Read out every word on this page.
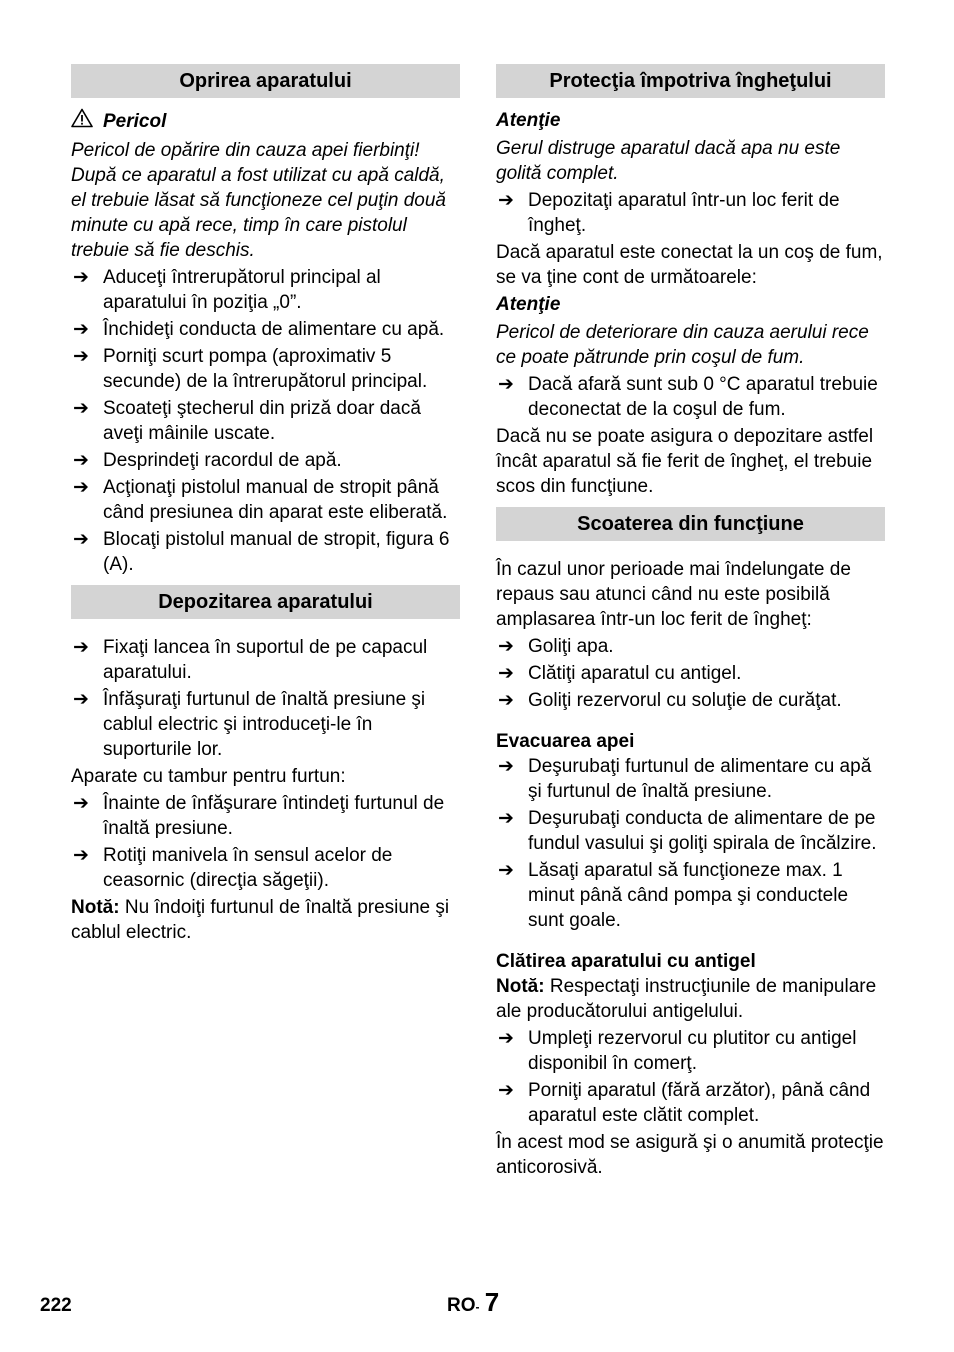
Oprirea aparatului
Pericol

Pericol de opărire din cauza apei fierbinţi! După ce aparatul a fost utilizat cu apă caldă, el trebuie lăsat să funcţioneze cel puţin două minute cu apă rece, timp în care pistolul trebuie să fie deschis.

➔ Aduceţi întrerupătorul principal al aparatului în poziţia „0”.
➔ Închideţi conducta de alimentare cu apă.
➔ Porniţi scurt pompa (aproximativ 5 secunde) de la întrerupătorul principal.
➔ Scoateţi ştecherul din priză doar dacă aveţi mâinile uscate.
➔ Desprindeţi racordul de apă.
➔ Acţionaţi pistolul manual de stropit până când presiunea din aparat este eliberată.
➔ Blocaţi pistolul manual de stropit, figura 6 (A).
Depozitarea aparatului
➔ Fixaţi lancea în suportul de pe capacul aparatului.
➔ Înfăşuraţi furtunul de înaltă presiune şi cablul electric şi introduceţi-le în suporturile lor.

Aparate cu tambur pentru furtun:

➔ Înainte de înfăşurare întindeţi furtunul de înaltă presiune.
➔ Rotiţi manivela în sensul acelor de ceasornic (direcţia săgeţii).

Notă: Nu îndoiţi furtunul de înaltă presiune şi cablul electric.

Protecţia împotriva îngheţului
Atenţie

Gerul distruge aparatul dacă apa nu este golită complet.

➔ Depozitaţi aparatul într-un loc ferit de îngheţ.

Dacă aparatul este conectat la un coş de fum, se va ţine cont de următoarele:

Atenţie

Pericol de deteriorare din cauza aerului rece ce poate pătrunde prin coşul de fum.

➔ Dacă afară sunt sub 0 °C aparatul trebuie deconectat de la coşul de fum.

Dacă nu se poate asigura o depozitare astfel încât aparatul să fie ferit de îngheţ, el trebuie scos din funcţiune.

Scoaterea din funcţiune

În cazul unor perioade mai îndelungate de repaus sau atunci când nu este posibilă amplasarea într-un loc ferit de îngheţ:

➔ Goliţi apa.
➔ Clătiţi aparatul cu antigel.
➔ Goliţi rezervorul cu soluţie de curăţat.
Evacuarea apei
➔ Deşurubaţi furtunul de alimentare cu apă şi furtunul de înaltă presiune.
➔ Deşurubaţi conducta de alimentare de pe fundul vasului şi goliţi spirala de încălzire.
➔ Lăsaţi aparatul să funcţioneze max. 1 minut până când pompa şi conductele sunt goale.
Clătirea aparatului cu antigel

Notă: Respectaţi instrucţiunile de manipulare ale producătorului antigelului.

➔ Umpleţi rezervorul cu plutitor cu antigel disponibil în comerţ.
➔ Porniţi aparatul (fără arzător), până când aparatul este clătit complet.

În acest mod se asigură şi o anumită protecţie anticorosivă.

222	RO- 7
